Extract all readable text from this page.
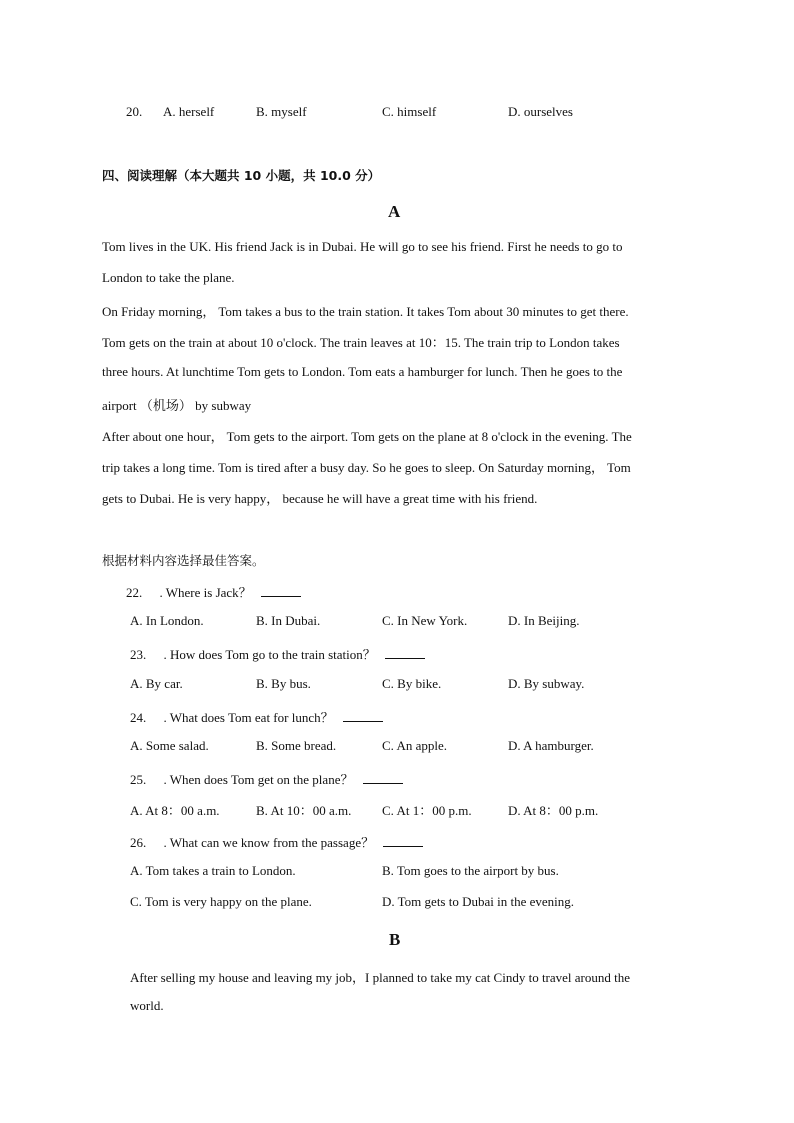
20. A. herself	B. myself	C. himself	D. ourselves
四、阅读理解（本大题共 10 小题，共 10.0 分）
A
Tom lives in the UK. His friend Jack is in Dubai. He will go to see his friend. First he needs to go to
London to take the plane.
On Friday morning， Tom takes a bus to the train station. It takes Tom about 30 minutes to get there.
Tom gets on the train at about 10 o'clock. The train leaves at 10：15. The train trip to London takes
three hours. At lunchtime Tom gets to London. Tom eats a hamburger for lunch. Then he goes to the
airport （机场） by subway
After about one hour， Tom gets to the airport. Tom gets on the plane at 8 o'clock in the evening. The
trip takes a long time. Tom is tired after a busy day. So he goes to sleep. On Saturday morning， Tom
gets to Dubai. He is very happy， because he will have a great time with his friend.
根据材料内容选择最佳答案。
22. . Where is Jack？
A. In London.	B. In Dubai.	C. In New York.	D. In Beijing.
23. . How does Tom go to the train station？
A. By car.	B. By bus.	C. By bike.	D. By subway.
24. . What does Tom eat for lunch？
A. Some salad.	B. Some bread.	C. An apple.	D. A hamburger.
25. . When does Tom get on the plane？
A. At 8：00 a.m.	B. At 10：00 a.m. C. At 1：00 p.m.	D. At 8：00 p.m.
26. . What can we know from the passage？
A. Tom takes a train to London.	B. Tom goes to the airport by bus.
C. Tom is very happy on the plane.	D. Tom gets to Dubai in the evening.
B
After selling my house and leaving my job，I planned to take my cat Cindy to travel around the
world.
